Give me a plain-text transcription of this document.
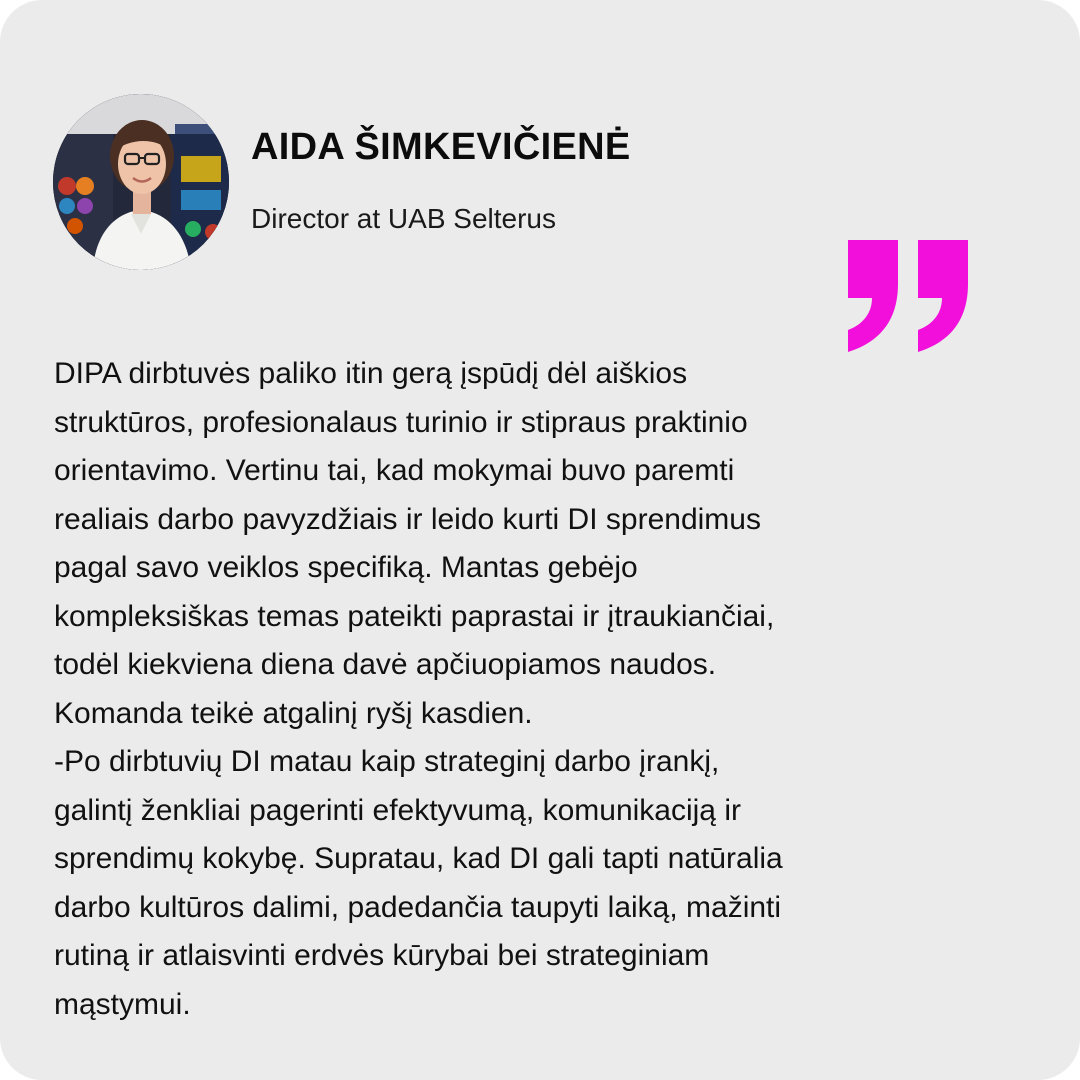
AIDA ŠIMKEVIČIENĖ
Director at UAB Selterus

DIPA dirbtuvės paliko itin gerą įspūdį dėl aiškios
struktūros, profesionalaus turinio ir stipraus praktinio
orientavimo. Vertinu tai, kad mokymai buvo paremti
realiais darbo pavyzdžiais ir leido kurti DI sprendimus
pagal savo veiklos specifiką. Mantas gebėjo
kompleksiškas temas pateikti paprastai ir įtraukiančiai,
todėl kiekviena diena davė apčiuopiamos naudos.
Komanda teikė atgalinį ryšį kasdien.

-Po dirbtuvių DI matau kaip strateginį darbo įrankį,
galintį ženkliai pagerinti efektyvumą, komunikaciją ir
sprendimų kokybę. Supratau, kad DI gali tapti natūralia
darbo kultūros dalimi, padedančia taupyti laiką, mažinti
rutiną ir atlaisvinti erdvės kūrybai bei strateginiam
mąstymui.
